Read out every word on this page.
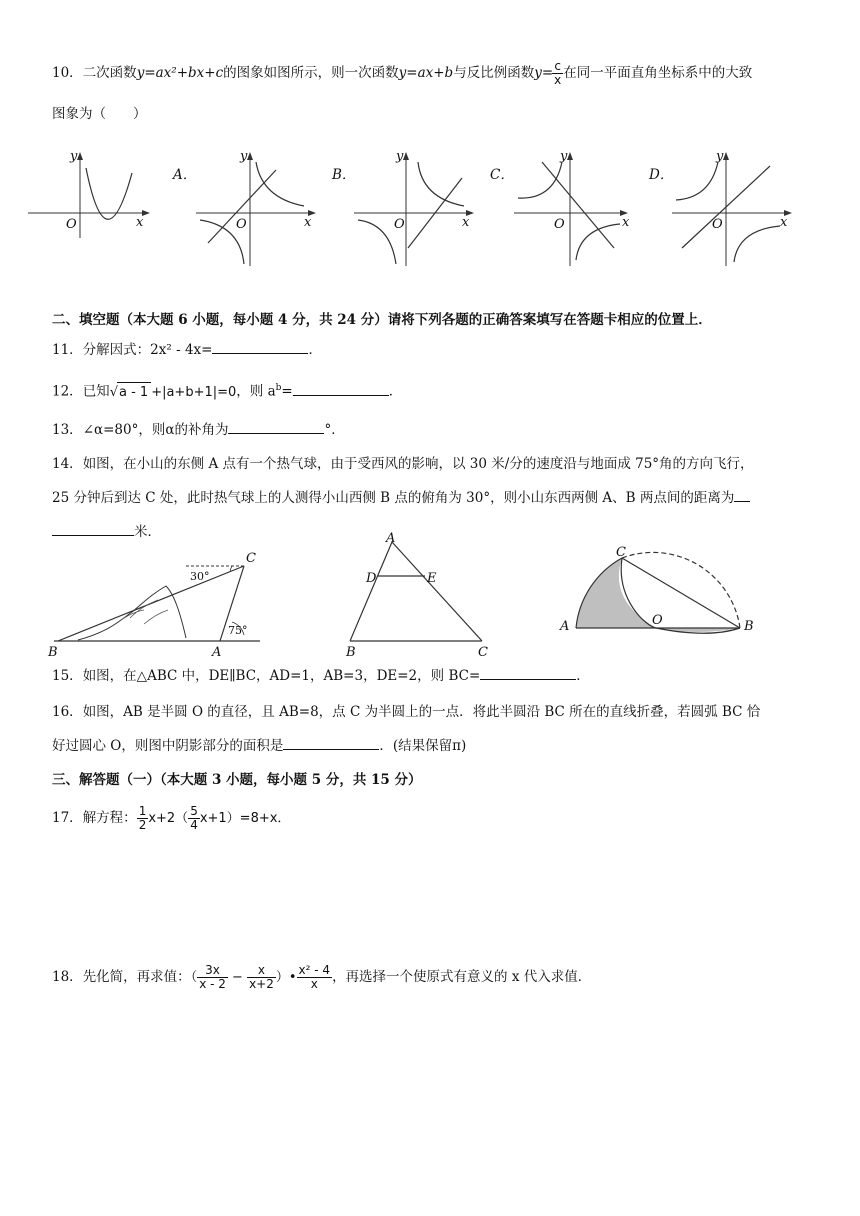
10．二次函数y=ax²+bx+c的图象如图所示，则一次函数y=ax+b与反比例函数$y= \frac{c}{x}$ 在同一平面直角坐标系中的大致
图象为（　　）
y
O	x
A．
y
O	x
B．
y
O	x
C．
y
O	x
D．
y
O	x
二、填空题（本大题 6 小题，每小题 4 分，共 24 分）请将下列各题的正确答案填写在答题卡相应的位置上．
11．分解因式：2x² - 4x=	．
12．已知√a - 1 +|a+b+1|=0，则 $a^b=$	．
13．∠α=80°，则α的补角为	°．
14．如图，在小山的东侧 A 点有一个热气球，由于受西风的影响，以 30 米/分的速度沿与地面成 75°角的方向飞行，
25 分钟后到达 C 处，此时热气球上的人测得小山西侧 B 点的俯角为 30°，则小山东西两侧 A、B 两点间的距离为
米．
C
B	A
30°
75°
A
D	E
B	C
C
A	O	B
15．如图，在△ABC 中，DE∥BC，AD=1，AB=3，DE=2，则 BC=	．
16．如图，AB 是半圆 O 的直径，且 AB=8，点 C 为半圆上的一点．将此半圆沿 BC 所在的直线折叠，若圆弧 BC 恰
好过圆心 O，则图中阴影部分的面积是	．(结果保留π)
三、解答题（一）（本大题 3 小题，每小题 5 分，共 15 分）
17．解方程： $\frac{1}{2} x+2( \frac{5}{4} x+1)=8+x$．
18．先化简，再求值：（ $\frac{3x}{x - 2} - \frac{x}{x+2}$ ）• $\frac{\text{x² - 4}}{x}$ ，再选择一个使原式有意义的 x 代入求值．
